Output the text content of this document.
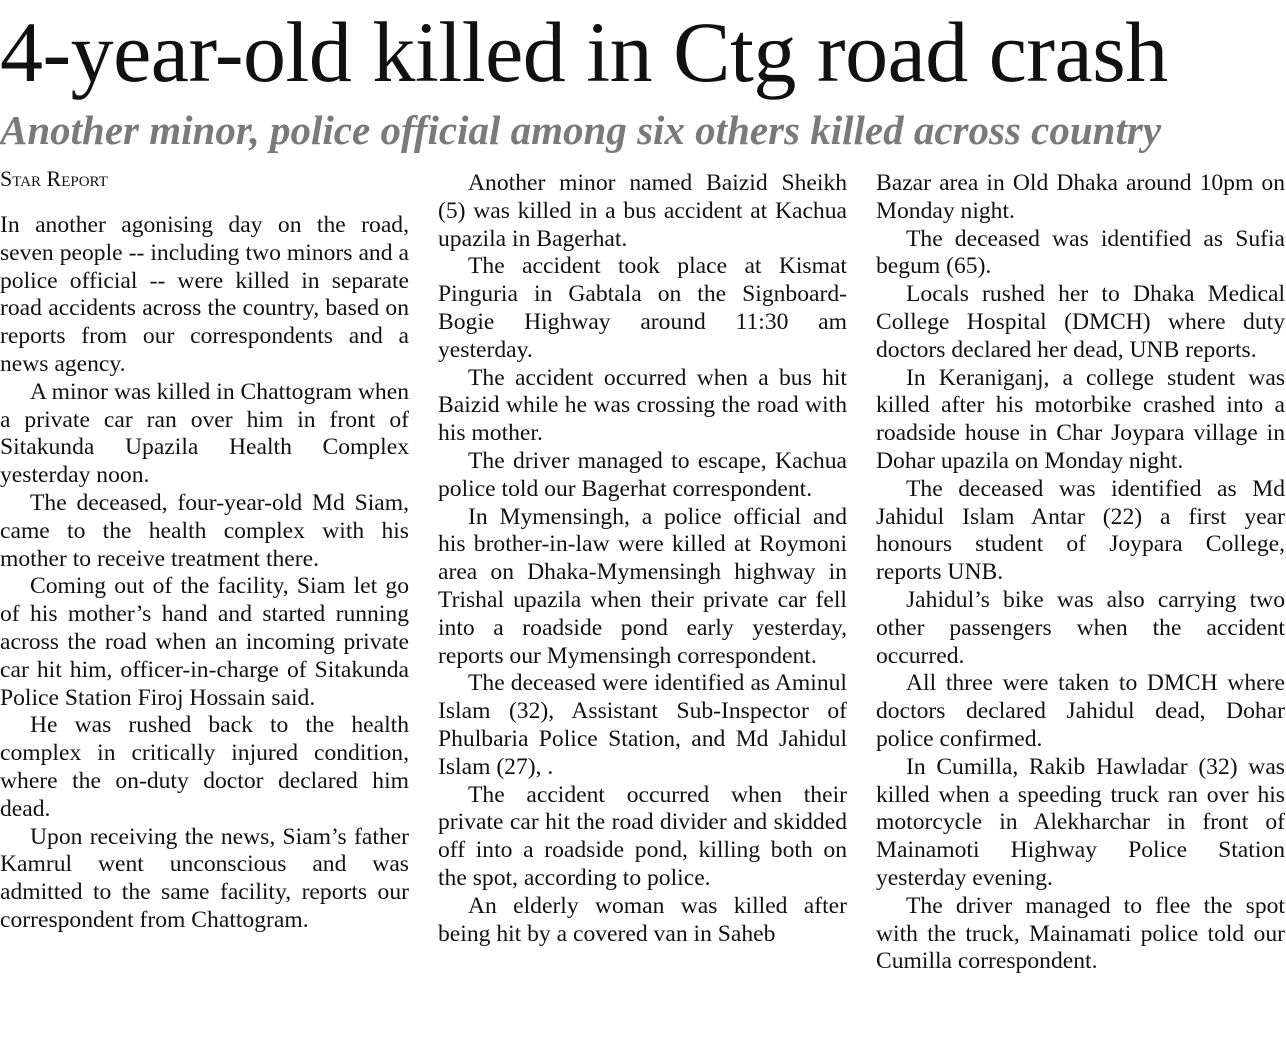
4-year-old killed in Ctg road crash
Another minor, police official among six others killed across country
Star Report

In another agonising day on the road, seven people -- including two minors and a police official -- were killed in separate road accidents across the country, based on reports from our correspondents and a news agency.

A minor was killed in Chattogram when a private car ran over him in front of Sitakunda Upazila Health Complex yesterday noon.

The deceased, four-year-old Md Siam, came to the health complex with his mother to receive treatment there.

Coming out of the facility, Siam let go of his mother’s hand and started running across the road when an incoming private car hit him, officer-in-charge of Sitakunda Police Station Firoj Hossain said.

He was rushed back to the health complex in critically injured condition, where the on-duty doctor declared him dead.

Upon receiving the news, Siam’s father Kamrul went unconscious and was admitted to the same facility, reports our correspondent from Chattogram.

Another minor named Baizid Sheikh (5) was killed in a bus accident at Kachua upazila in Bagerhat.

The accident took place at Kismat Pinguria in Gabtala on the Signboard-Bogie Highway around 11:30 am yesterday.

The accident occurred when a bus hit Baizid while he was crossing the road with his mother.

The driver managed to escape, Kachua police told our Bagerhat correspondent.

In Mymensingh, a police official and his brother-in-law were killed at Roymoni area on Dhaka-Mymensingh highway in Trishal upazila when their private car fell into a roadside pond early yesterday, reports our Mymensingh correspondent.

The deceased were identified as Aminul Islam (32), Assistant Sub-Inspector of Phulbaria Police Station, and Md Jahidul Islam (27), .

The accident occurred when their private car hit the road divider and skidded off into a roadside pond, killing both on the spot, according to police.

An elderly woman was killed after being hit by a covered van in Saheb

Bazar area in Old Dhaka around 10pm on Monday night.

The deceased was identified as Sufia begum (65).

Locals rushed her to Dhaka Medical College Hospital (DMCH) where duty doctors declared her dead, UNB reports.

In Keraniganj, a college student was killed after his motorbike crashed into a roadside house in Char Joypara village in Dohar upazila on Monday night.

The deceased was identified as Md Jahidul Islam Antar (22) a first year honours student of Joypara College, reports UNB.

Jahidul’s bike was also carrying two other passengers when the accident occurred.

All three were taken to DMCH where doctors declared Jahidul dead, Dohar police confirmed.

In Cumilla, Rakib Hawladar (32) was killed when a speeding truck ran over his motorcycle in Alekharchar in front of Mainamoti Highway Police Station yesterday evening.

The driver managed to flee the spot with the truck, Mainamati police told our Cumilla correspondent.
